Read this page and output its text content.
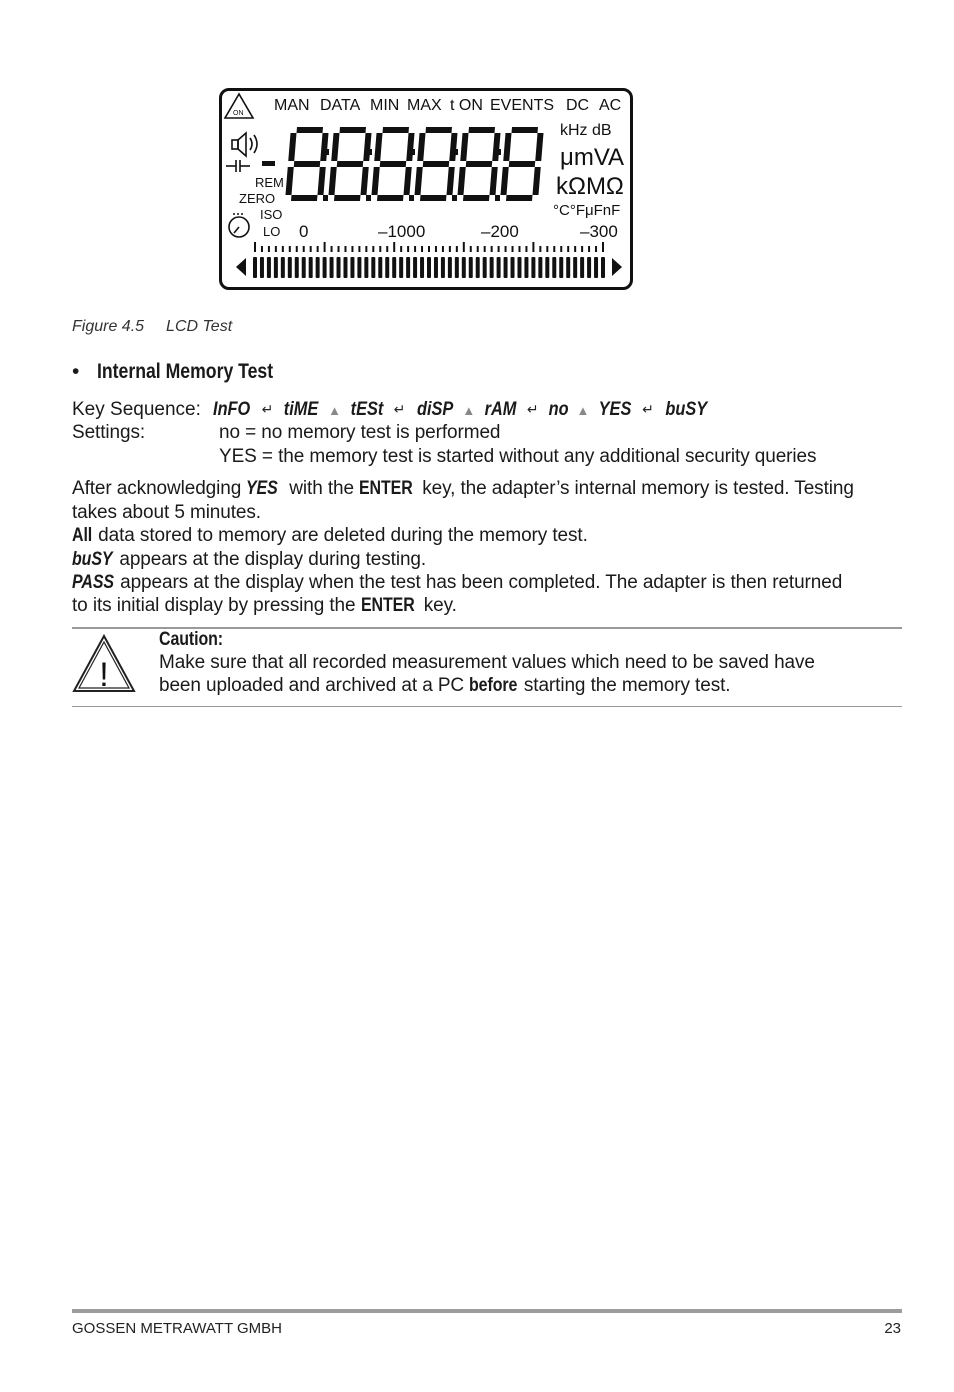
ON MAN DATA MIN MAX t ON EVENTS DC AC
REM
ZERO
ISO
LO
kHz dB
μmVA
kΩMΩ
°C°FμFnF
0	–1000	–200	–300
Figure 4.5 LCD Test
• Internal Memory Test
Key Sequence: InFO ↵ tiME ▲ tESt ↵ diSP ▲ rAM ↵ no ▲ YES ↵ buSY
Settings:	no = no memory test is performed
YES = the memory test is started without any additional security queries
After acknowledging YES with the ENTER key, the adapter’s internal memory is tested. Testing
takes about 5 minutes.
All data stored to memory are deleted during the memory test.
buSY appears at the display during testing.
PASS appears at the display when the test has been completed. The adapter is then returned
to its initial display by pressing the ENTER key.
!
Caution:
Make sure that all recorded measurement values which need to be saved have
been uploaded and archived at a PC before starting the memory test.
GOSSEN METRAWATT GMBH	23
